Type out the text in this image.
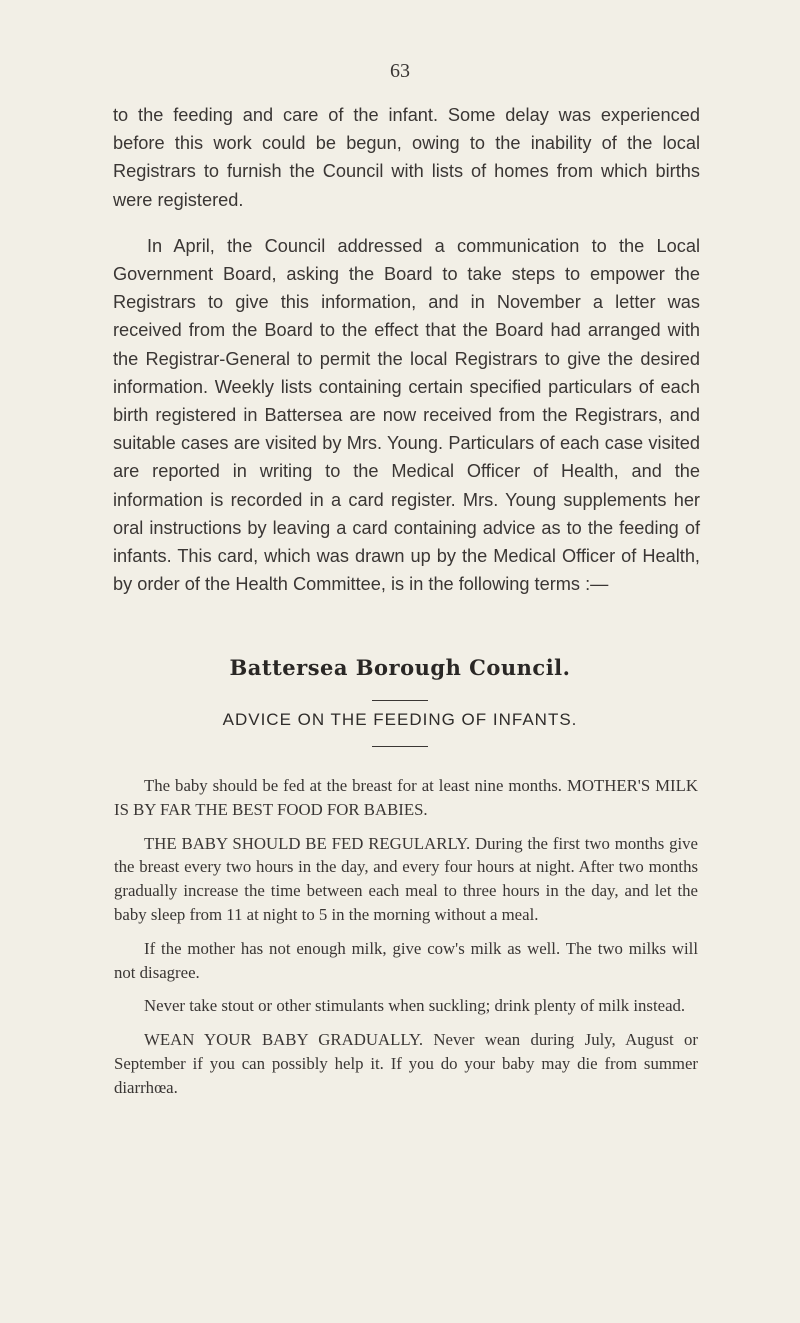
63

to the feeding and care of the infant. Some delay was experienced before this work could be begun, owing to the inability of the local Registrars to furnish the Council with lists of homes from which births were registered.

In April, the Council addressed a communication to the Local Government Board, asking the Board to take steps to empower the Registrars to give this information, and in November a letter was received from the Board to the effect that the Board had arranged with the Registrar-General to permit the local Registrars to give the desired information. Weekly lists containing certain specified particulars of each birth registered in Battersea are now received from the Registrars, and suitable cases are visited by Mrs. Young. Particulars of each case visited are reported in writing to the Medical Officer of Health, and the information is recorded in a card register. Mrs. Young supplements her oral instructions by leaving a card containing advice as to the feeding of infants. This card, which was drawn up by the Medical Officer of Health, by order of the Health Committee, is in the following terms :—

Battersea Borough Council.
ADVICE ON THE FEEDING OF INFANTS.

The baby should be fed at the breast for at least nine months. MOTHER'S MILK IS BY FAR THE BEST FOOD FOR BABIES.

THE BABY SHOULD BE FED REGULARLY. During the first two months give the breast every two hours in the day, and every four hours at night. After two months gradually increase the time between each meal to three hours in the day, and let the baby sleep from 11 at night to 5 in the morning without a meal.

If the mother has not enough milk, give cow's milk as well. The two milks will not disagree.

Never take stout or other stimulants when suckling; drink plenty of milk instead.

WEAN YOUR BABY GRADUALLY. Never wean during July, August or September if you can possibly help it. If you do your baby may die from summer diarrhœa.
